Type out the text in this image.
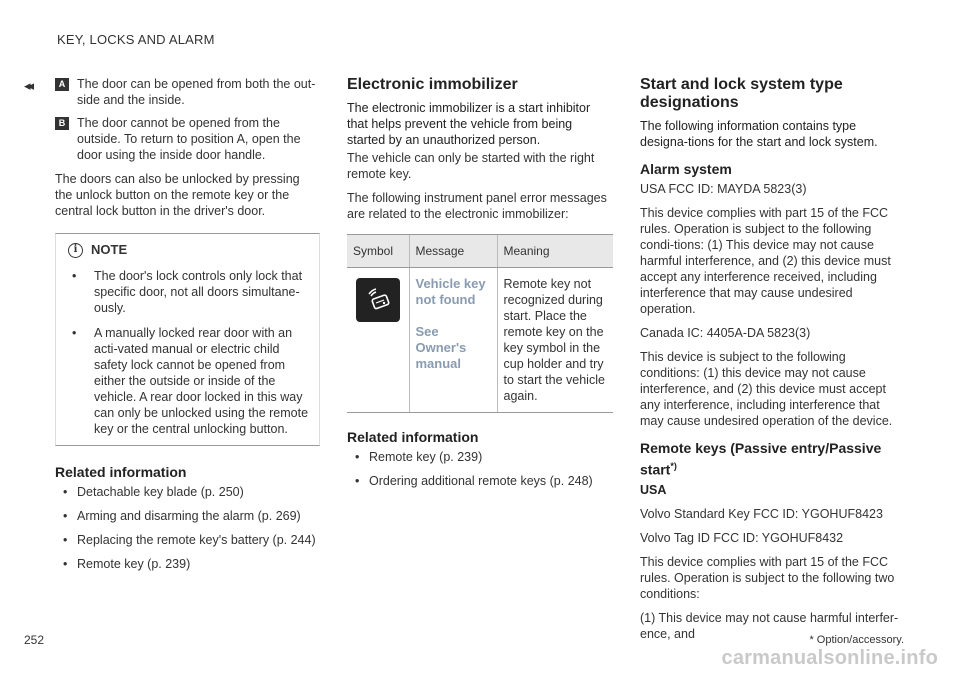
KEY, LOCKS AND ALARM
◂◂	A The door can be opened from both the out-side and the inside.
B The door cannot be opened from the outside. To return to position A, open the door using the inside door handle.

The doors can also be unlocked by pressing the unlock button on the remote key or the central lock button in the driver's door.

i	NOTE
• The door's lock controls only lock that specific door, not all doors simultane-ously.
• A manually locked rear door with an acti-vated manual or electric child safety lock cannot be opened from either the outside or inside of the vehicle. A rear door locked in this way can only be unlocked using the remote key or the central unlocking button.
Related information
• Detachable key blade (p. 250)
• Arming and disarming the alarm (p. 269)
• Replacing the remote key's battery (p. 244)
• Remote key (p. 239)
Electronic immobilizer

The electronic immobilizer is a start inhibitor that helps prevent the vehicle from being started by an unauthorized person.

The vehicle can only be started with the right remote key.

The following instrument panel error messages are related to the electronic immobilizer:

Symbol	Message	Meaning

Vehicle key not found
See Owner's manual	Remote key not recognized during start. Place the remote key on the key symbol in the cup holder and try to start the vehicle again.
Related information
• Remote key (p. 239)
• Ordering additional remote keys (p. 248)
Start and lock system type designations

The following information contains type designa-tions for the start and lock system.

Alarm system

USA FCC ID: MAYDA 5823(3)

This device complies with part 15 of the FCC rules. Operation is subject to the following condi-tions: (1) This device may not cause harmful interference, and (2) this device must accept any interference received, including interference that may cause undesired operation.

Canada IC: 4405A-DA 5823(3)

This device is subject to the following conditions: (1) this device may not cause interference, and (2) this device must accept any interference, including interference that may cause undesired operation of the device.

Remote keys (Passive entry/Passive start*)
USA

Volvo Standard Key FCC ID: YGOHUF8423

Volvo Tag ID FCC ID: YGOHUF8432

This device complies with part 15 of the FCC rules. Operation is subject to the following two conditions:

(1) This device may not cause harmful interfer-ence, and

252	* Option/accessory.
carmanualsonline.info
